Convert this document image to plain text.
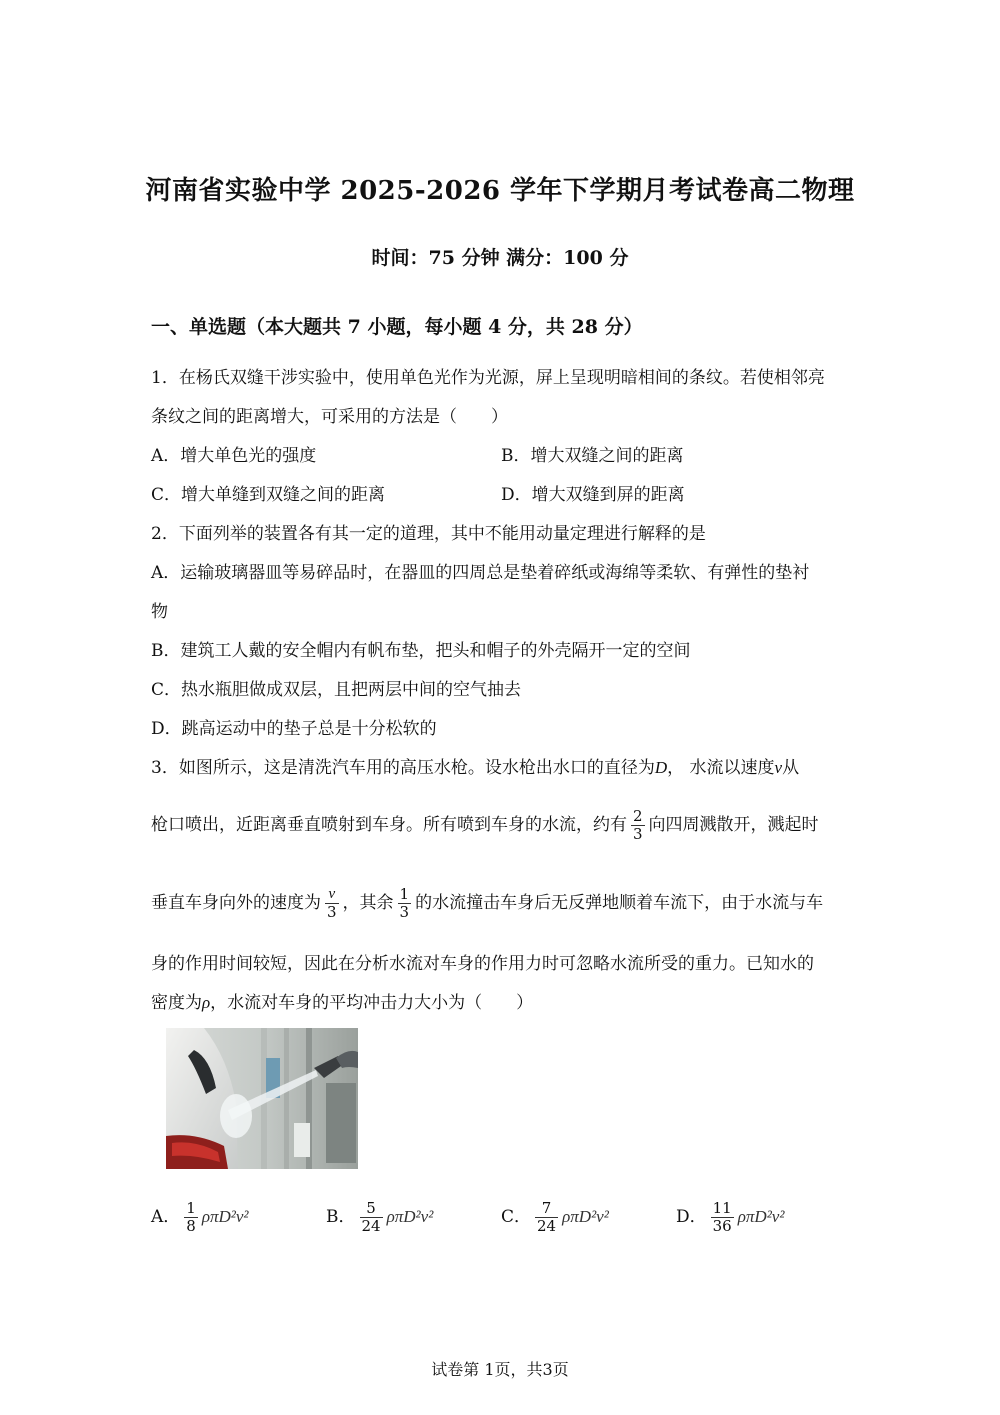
河南省实验中学 2025-2026 学年下学期月考试卷高二物理
时间：75 分钟 满分：100 分
一、单选题（本大题共 7 小题，每小题 4 分，共 28 分）
1．在杨氏双缝干涉实验中，使用单色光作为光源，屏上呈现明暗相间的条纹。若使相邻亮
条纹之间的距离增大，可采用的方法是（　　）
A．增大单色光的强度	B．增大双缝之间的距离
C．增大单缝到双缝之间的距离	D．增大双缝到屏的距离
2．下面列举的装置各有其一定的道理，其中不能用动量定理进行解释的是
A．运输玻璃器皿等易碎品时，在器皿的四周总是垫着碎纸或海绵等柔软、有弹性的垫衬
物
B．建筑工人戴的安全帽内有帆布垫，把头和帽子的外壳隔开一定的空间
C．热水瓶胆做成双层，且把两层中间的空气抽去
D．跳高运动中的垫子总是十分松软的
3．如图所示，这是清洗汽车用的高压水枪。设水枪出水口的直径为D， 水流以速度v从
枪口喷出，近距离垂直喷射到车身。所有喷到车身的水流，约有 $\frac{2}{3}$ 向四周溅散开，溅起时
垂直车身向外的速度为 $\frac{v}{3}$ ，其余 $\frac{1}{3}$ 的水流撞击车身后无反弹地顺着车流下，由于水流与车
身的作用时间较短，因此在分析水流对车身的作用力时可忽略水流所受的重力。已知水的
密度为ρ，水流对车身的平均冲击力大小为（　　）
A． $\frac{1}{8} \rho\pi D^2v^2$	B． $\frac{5}{24} \rho\pi D^2v^2$	C． $\frac{7}{24} \rho\pi D^2v^2$	D． $\frac{11}{36} \rho\pi D^2v^2$
试卷第 1页，共3页
